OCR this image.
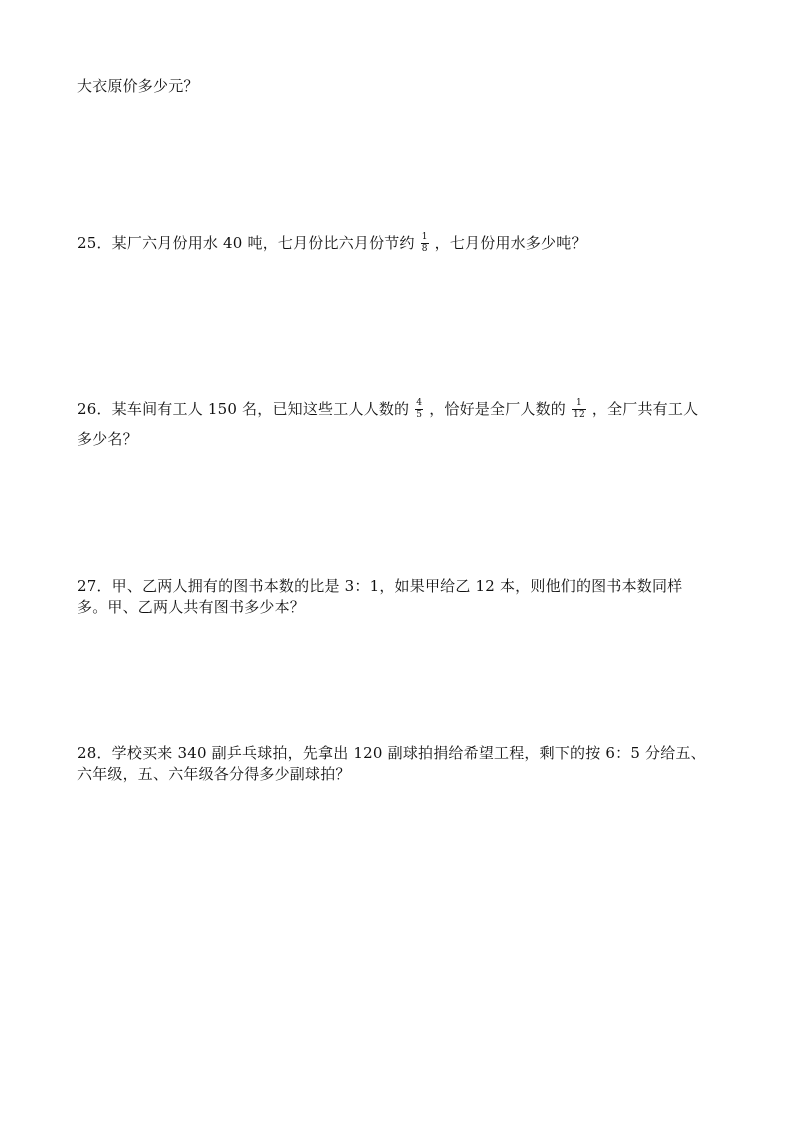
大衣原价多少元？
25．某厂六月份用水 40 吨，七月份比六月份节约 $\frac{1}{8}$ ，七月份用水多少吨？
26．某车间有工人 150 名，已知这些工人人数的 $\frac{4}{5}$ ，恰好是全厂人数的 $\frac{1}{12}$ ，全厂共有工人
多少名？
27．甲、乙两人拥有的图书本数的比是 3：1，如果甲给乙 12 本，则他们的图书本数同样
多。甲、乙两人共有图书多少本？
28．学校买来 340 副乒乓球拍，先拿出 120 副球拍捐给希望工程，剩下的按 6：5 分给五、
六年级，五、六年级各分得多少副球拍？
